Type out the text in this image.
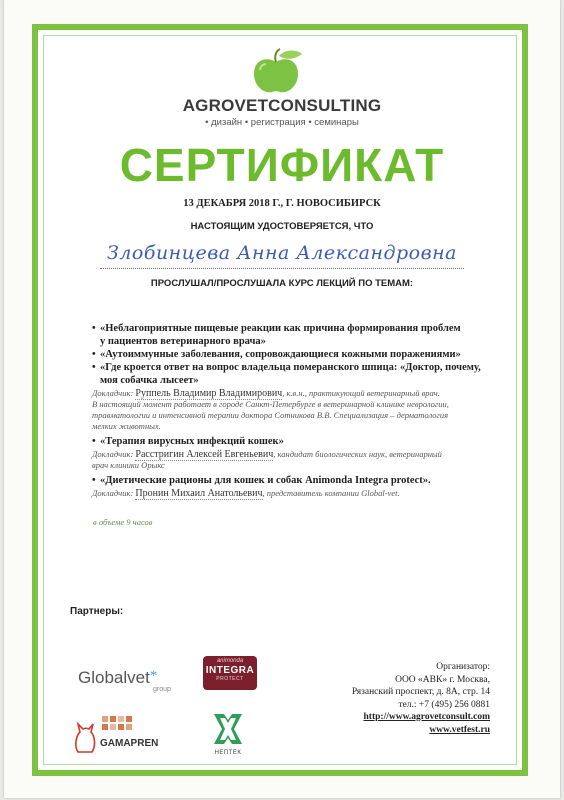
AGROVETCONSULTING
• дизайн • регистрация • семинары
СЕРТИФИКАТ
13 ДЕКАБРЯ 2018 Г., Г. НОВОСИБИРСК
НАСТОЯЩИМ УДОСТОВЕРЯЕТСЯ, ЧТО
Злобинцева Анна Александровна
ПРОСЛУШАЛ/ПРОСЛУШАЛА КУРС ЛЕКЦИЙ ПО ТЕМАМ:
• «Неблагоприятные пищевые реакции как причина формирования проблем
у пациентов ветеринарного врача»
• «Аутоиммунные заболевания, сопровождающиеся кожными поражениями»
• «Где кроется ответ на вопрос владельца померанского шпица: «Доктор, почему,
моя собачка лысеет»
Докладчик: Руппель Владимир Владимирович, к.в.н., практикующий ветеринарный врач.
В настоящий момент работает в городе Санкт-Петербурге в ветеринарной клинике неврологии,
травматологии и интенсивной терапии доктора Сотникова В.В. Специализация – дерматология
мелких животных.
• «Терапия вирусных инфекций кошек»
Докладчик: Расстригин Алексей Евгеньевич, кандидат биологических наук, ветеринарный
врач клиники Орыкс
• «Диетические рационы для кошек и собак Animonda Integra protect».
Докладчик: Пронин Михаил Анатольевич, представитель компании Global-vet.
в объеме 9 часов
Партнеры:
Globalvet*
group
animonda
INTEGRA
PROTECT
GAMAPREN
НЕПТЕК
Организатор:
ООО «АВК» г. Москва,
Рязанский проспект, д. 8А, стр. 14
тел.: +7 (495) 256 0881
http://www.agrovetconsult.com
www.vetfest.ru
